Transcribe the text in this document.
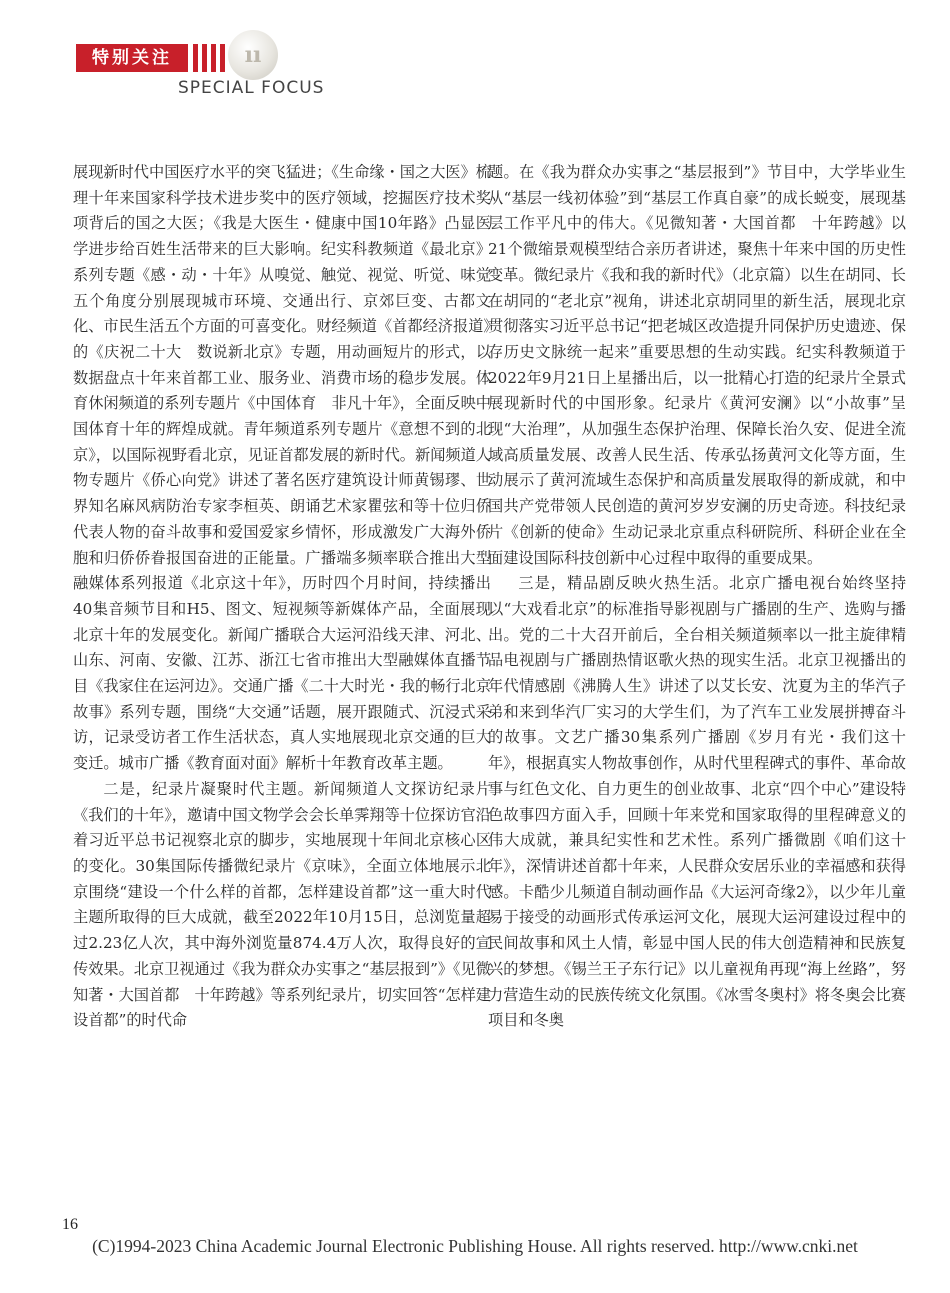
特别关注	ıı
SPECIAL FOCUS

展现新时代中国医疗水平的突飞猛进；《生命缘・国之大医》梳理十年来国家科学技术进步奖中的医疗领域，挖掘医疗技术奖项背后的国之大医；《我是大医生・健康中国10年路》凸显医学进步给百姓生活带来的巨大影响。纪实科教频道《最北京》系列专题《感・动・十年》从嗅觉、触觉、视觉、听觉、味觉五个角度分别展现城市环境、交通出行、京郊巨变、古都文化、市民生活五个方面的可喜变化。财经频道《首都经济报道》的《庆祝二十大　数说新北京》专题，用动画短片的形式，以数据盘点十年来首都工业、服务业、消费市场的稳步发展。体育休闲频道的系列专题片《中国体育　非凡十年》，全面反映中国体育十年的辉煌成就。青年频道系列专题片《意想不到的北京》，以国际视野看北京，见证首都发展的新时代。新闻频道人物专题片《侨心向党》讲述了著名医疗建筑设计师黄锡璆、世界知名麻风病防治专家李桓英、朗诵艺术家瞿弦和等十位归侨代表人物的奋斗故事和爱国爱家乡情怀，形成激发广大海外侨胞和归侨侨眷报国奋进的正能量。广播端多频率联合推出大型融媒体系列报道《北京这十年》，历时四个月时间，持续播出40集音频节目和H5、图文、短视频等新媒体产品，全面展现北京十年的发展变化。新闻广播联合大运河沿线天津、河北、山东、河南、安徽、江苏、浙江七省市推出大型融媒体直播节目《我家住在运河边》。交通广播《二十大时光・我的畅行北京故事》系列专题，围绕“大交通”话题，展开跟随式、沉浸式采访，记录受访者工作生活状态，真人实地展现北京交通的巨大变迁。城市广播《教育面对面》解析十年教育改革主题。

二是，纪录片凝聚时代主题。新闻频道人文探访纪录片《我们的十年》，邀请中国文物学会会长单霁翔等十位探访官沿着习近平总书记视察北京的脚步，实地展现十年间北京核心区的变化。30集国际传播微纪录片《京味》，全面立体地展示北京围绕“建设一个什么样的首都，怎样建设首都”这一重大时代主题所取得的巨大成就，截至2022年10月15日，总浏览量超过2.23亿人次，其中海外浏览量874.4万人次，取得良好的宣传效果。北京卫视通过《我为群众办实事之“基层报到”》《见微知著・大国首都　十年跨越》等系列纪录片，切实回答“怎样建设首都”的时代命

题。在《我为群众办实事之“基层报到”》节目中，大学毕业生从“基层一线初体验”到“基层工作真自豪”的成长蜕变，展现基层工作平凡中的伟大。《见微知著・大国首都　十年跨越》以21个微缩景观模型结合亲历者讲述，聚焦十年来中国的历史性变革。微纪录片《我和我的新时代》（北京篇）以生在胡同、长在胡同的“老北京”视角，讲述北京胡同里的新生活，展现北京贯彻落实习近平总书记“把老城区改造提升同保护历史遗迹、保存历史文脉统一起来”重要思想的生动实践。纪实科教频道于2022年9月21日上星播出后，以一批精心打造的纪录片全景式展现新时代的中国形象。纪录片《黄河安澜》以“小故事”呈现“大治理”，从加强生态保护治理、保障长治久安、促进全流域高质量发展、改善人民生活、传承弘扬黄河文化等方面，生动展示了黄河流域生态保护和高质量发展取得的新成就，和中国共产党带领人民创造的黄河岁岁安澜的历史奇迹。科技纪录片《创新的使命》生动记录北京重点科研院所、科研企业在全面建设国际科技创新中心过程中取得的重要成果。

三是，精品剧反映火热生活。北京广播电视台始终坚持以“大戏看北京”的标准指导影视剧与广播剧的生产、选购与播出。党的二十大召开前后，全台相关频道频率以一批主旋律精品电视剧与广播剧热情讴歌火热的现实生活。北京卫视播出的年代情感剧《沸腾人生》讲述了以艾长安、沈夏为主的华汽子弟和来到华汽厂实习的大学生们，为了汽车工业发展拼搏奋斗的故事。文艺广播30集系列广播剧《岁月有光・我们这十年》，根据真实人物故事创作，从时代里程碑式的事件、革命故事与红色文化、自力更生的创业故事、北京“四个中心”建设特色故事四方面入手，回顾十年来党和国家取得的里程碑意义的伟大成就，兼具纪实性和艺术性。系列广播微剧《咱们这十年》，深情讲述首都十年来，人民群众安居乐业的幸福感和获得感。卡酷少儿频道自制动画作品《大运河奇缘2》，以少年儿童易于接受的动画形式传承运河文化，展现大运河建设过程中的民间故事和风土人情，彰显中国人民的伟大创造精神和民族复兴的梦想。《锡兰王子东行记》以儿童视角再现“海上丝路”，努力营造生动的民族传统文化氛围。《冰雪冬奥村》将冬奥会比赛项目和冬奥

16
(C)1994-2023 China Academic Journal Electronic Publishing House. All rights reserved. http://www.cnki.net
